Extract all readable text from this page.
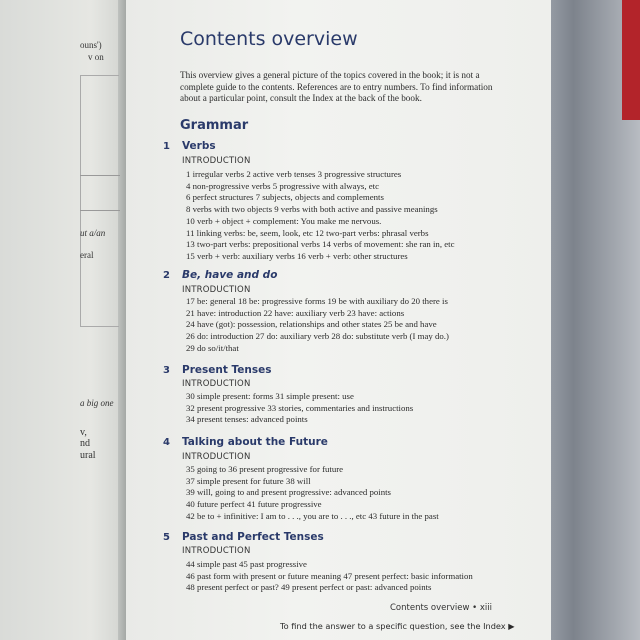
ouns')
v on
ut a/an
eral
a big one
v,
nd
ural
Contents overview

This overview gives a general picture of the topics covered in the book; it is not a complete guide to the contents. References are to entry numbers. To find information about a particular point, consult the Index at the back of the book.

Grammar
1 Verbs
INTRODUCTION
1 irregular verbs 2 active verb tenses 3 progressive structures
4 non-progressive verbs 5 progressive with always, etc
6 perfect structures 7 subjects, objects and complements
8 verbs with two objects 9 verbs with both active and passive meanings
10 verb + object + complement: You make me nervous.
11 linking verbs: be, seem, look, etc 12 two-part verbs: phrasal verbs
13 two-part verbs: prepositional verbs 14 verbs of movement: she ran in, etc
15 verb + verb: auxiliary verbs 16 verb + verb: other structures
2 Be, have and do
INTRODUCTION
17 be: general 18 be: progressive forms 19 be with auxiliary do 20 there is
21 have: introduction 22 have: auxiliary verb 23 have: actions
24 have (got): possession, relationships and other states 25 be and have
26 do: introduction 27 do: auxiliary verb 28 do: substitute verb (I may do.)
29 do so/it/that
3 Present Tenses
INTRODUCTION
30 simple present: forms 31 simple present: use
32 present progressive 33 stories, commentaries and instructions
34 present tenses: advanced points
4 Talking about the Future
INTRODUCTION
35 going to 36 present progressive for future
37 simple present for future 38 will
39 will, going to and present progressive: advanced points
40 future perfect 41 future progressive
42 be to + infinitive: I am to . . ., you are to . . ., etc 43 future in the past
5 Past and Perfect Tenses
INTRODUCTION
44 simple past 45 past progressive
46 past form with present or future meaning 47 present perfect: basic information
48 present perfect or past? 49 present perfect or past: advanced points
Contents overview • xiii
To find the answer to a specific question, see the Index ▶
